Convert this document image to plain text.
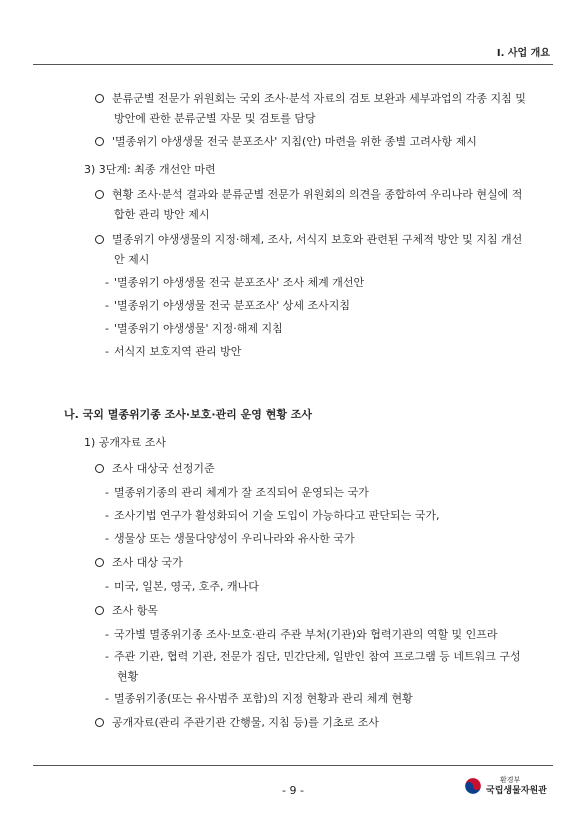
Ⅰ. 사업 개요
분류군별 전문가 위원회는 국외 조사·분석 자료의 검토 보완과 세부과업의 각종 지침 및
방안에 관한 분류군별 자문 및 검토를 담당
'멸종위기 야생생물 전국 분포조사' 지침(안) 마련을 위한 종별 고려사항 제시
3) 3단계: 최종 개선안 마련
현황 조사·분석 결과와 분류군별 전문가 위원회의 의견을 종합하여 우리나라 현실에 적
합한 관리 방안 제시
멸종위기 야생생물의 지정·해제, 조사, 서식지 보호와 관련된 구체적 방안 및 지침 개선
안 제시
- '멸종위기 야생생물 전국 분포조사' 조사 체계 개선안
- '멸종위기 야생생물 전국 분포조사' 상세 조사지침
- '멸종위기 야생생물' 지정·해제 지침
- 서식지 보호지역 관리 방안
나. 국외 멸종위기종 조사·보호·관리 운영 현황 조사
1) 공개자료 조사
조사 대상국 선정기준
- 멸종위기종의 관리 체계가 잘 조직되어 운영되는 국가
- 조사기법 연구가 활성화되어 기술 도입이 가능하다고 판단되는 국가,
- 생물상 또는 생물다양성이 우리나라와 유사한 국가
조사 대상 국가
- 미국, 일본, 영국, 호주, 캐나다
조사 항목
- 국가별 멸종위기종 조사·보호·관리 주관 부처(기관)와 협력기관의 역할 및 인프라
- 주관 기관, 협력 기관, 전문가 집단, 민간단체, 일반인 참여 프로그램 등 네트워크 구성
현황
- 멸종위기종(또는 유사범주 포함)의 지정 현황과 관리 체계 현황
공개자료(관리 주관기관 간행물, 지침 등)를 기초로 조사
- 9 -
환경부
국립생물자원관
